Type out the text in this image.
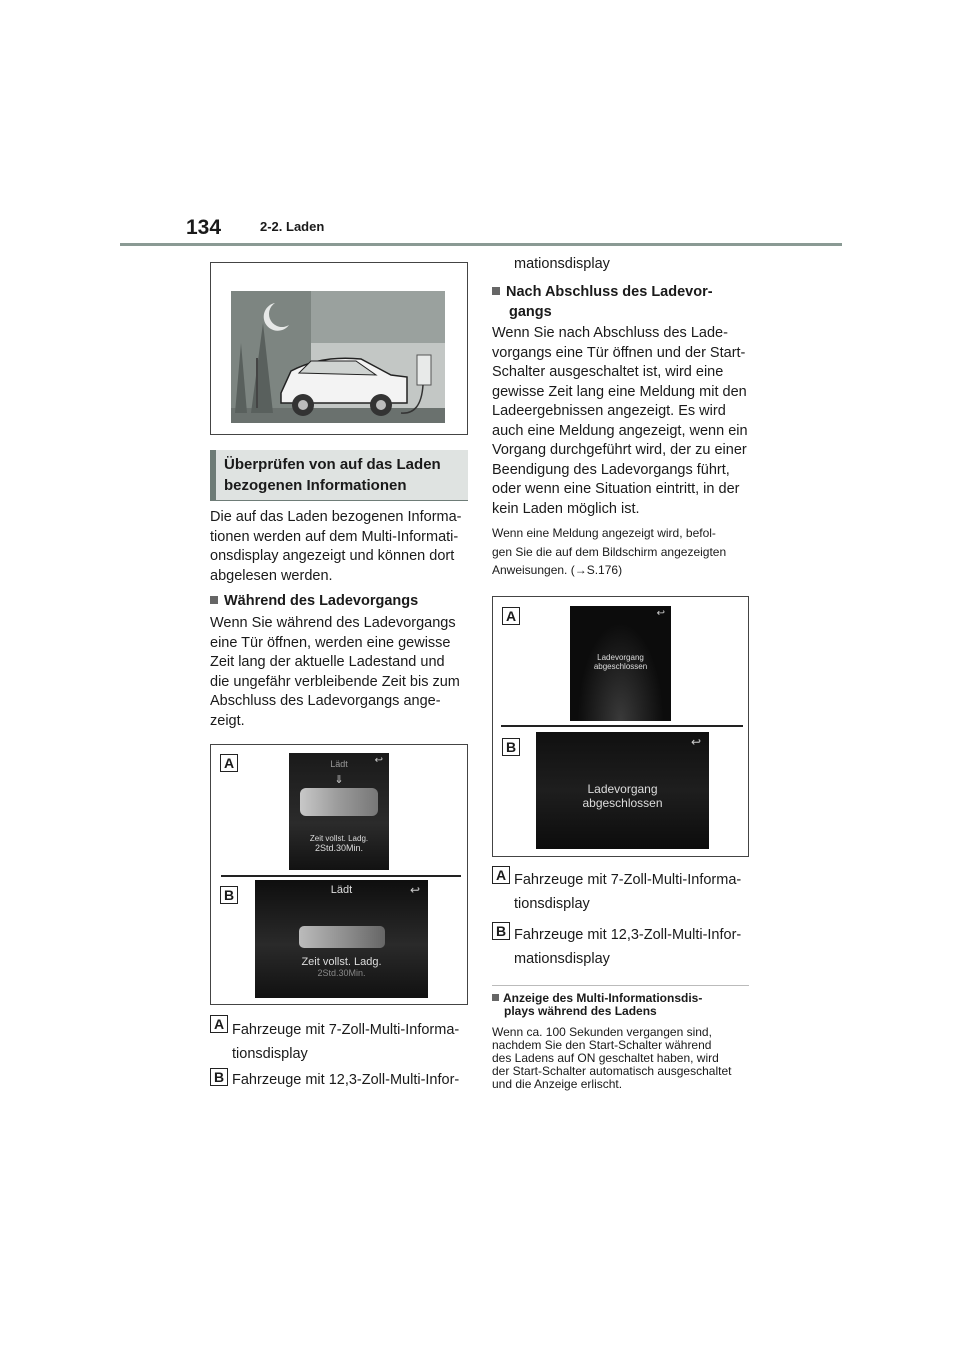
134	2-2. Laden
Überprüfen von auf das Laden
bezogenen Informationen
Die auf das Laden bezogenen Informa-
tionen werden auf dem Multi-Informati-
onsdisplay angezeigt und können dort
abgelesen werden.
Während des Ladevorgangs
Wenn Sie während des Ladevorgangs
eine Tür öffnen, werden eine gewisse
Zeit lang der aktuelle Ladestand und
die ungefähr verbleibende Zeit bis zum
Abschluss des Ladevorgangs ange-
zeigt.
A	Lädt	↩
⇓
Zeit vollst. Ladg.
2Std.30Min.
B	Lädt	↩
Zeit vollst. Ladg.
2Std.30Min.
A Fahrzeuge mit 7-Zoll-Multi-Informa-
tionsdisplay
B Fahrzeuge mit 12,3-Zoll-Multi-Infor-
mationsdisplay
Nach Abschluss des Ladevor-
gangs
Wenn Sie nach Abschluss des Lade-
vorgangs eine Tür öffnen und der Start-
Schalter ausgeschaltet ist, wird eine
gewisse Zeit lang eine Meldung mit den
Ladeergebnissen angezeigt. Es wird
auch eine Meldung angezeigt, wenn ein
Vorgang durchgeführt wird, der zu einer
Beendigung des Ladevorgangs führt,
oder wenn eine Situation eintritt, in der
kein Laden möglich ist.
Wenn eine Meldung angezeigt wird, befol-
gen Sie die auf dem Bildschirm angezeigten
Anweisungen. (→S.176)
A	↩
Ladevorgang
abgeschlossen
B	↩
Ladevorgang
abgeschlossen
A Fahrzeuge mit 7-Zoll-Multi-Informa-
tionsdisplay
B Fahrzeuge mit 12,3-Zoll-Multi-Infor-
mationsdisplay
Anzeige des Multi-Informationsdis-
plays während des Ladens
Wenn ca. 100 Sekunden vergangen sind,
nachdem Sie den Start-Schalter während
des Ladens auf ON geschaltet haben, wird
der Start-Schalter automatisch ausgeschaltet
und die Anzeige erlischt.
